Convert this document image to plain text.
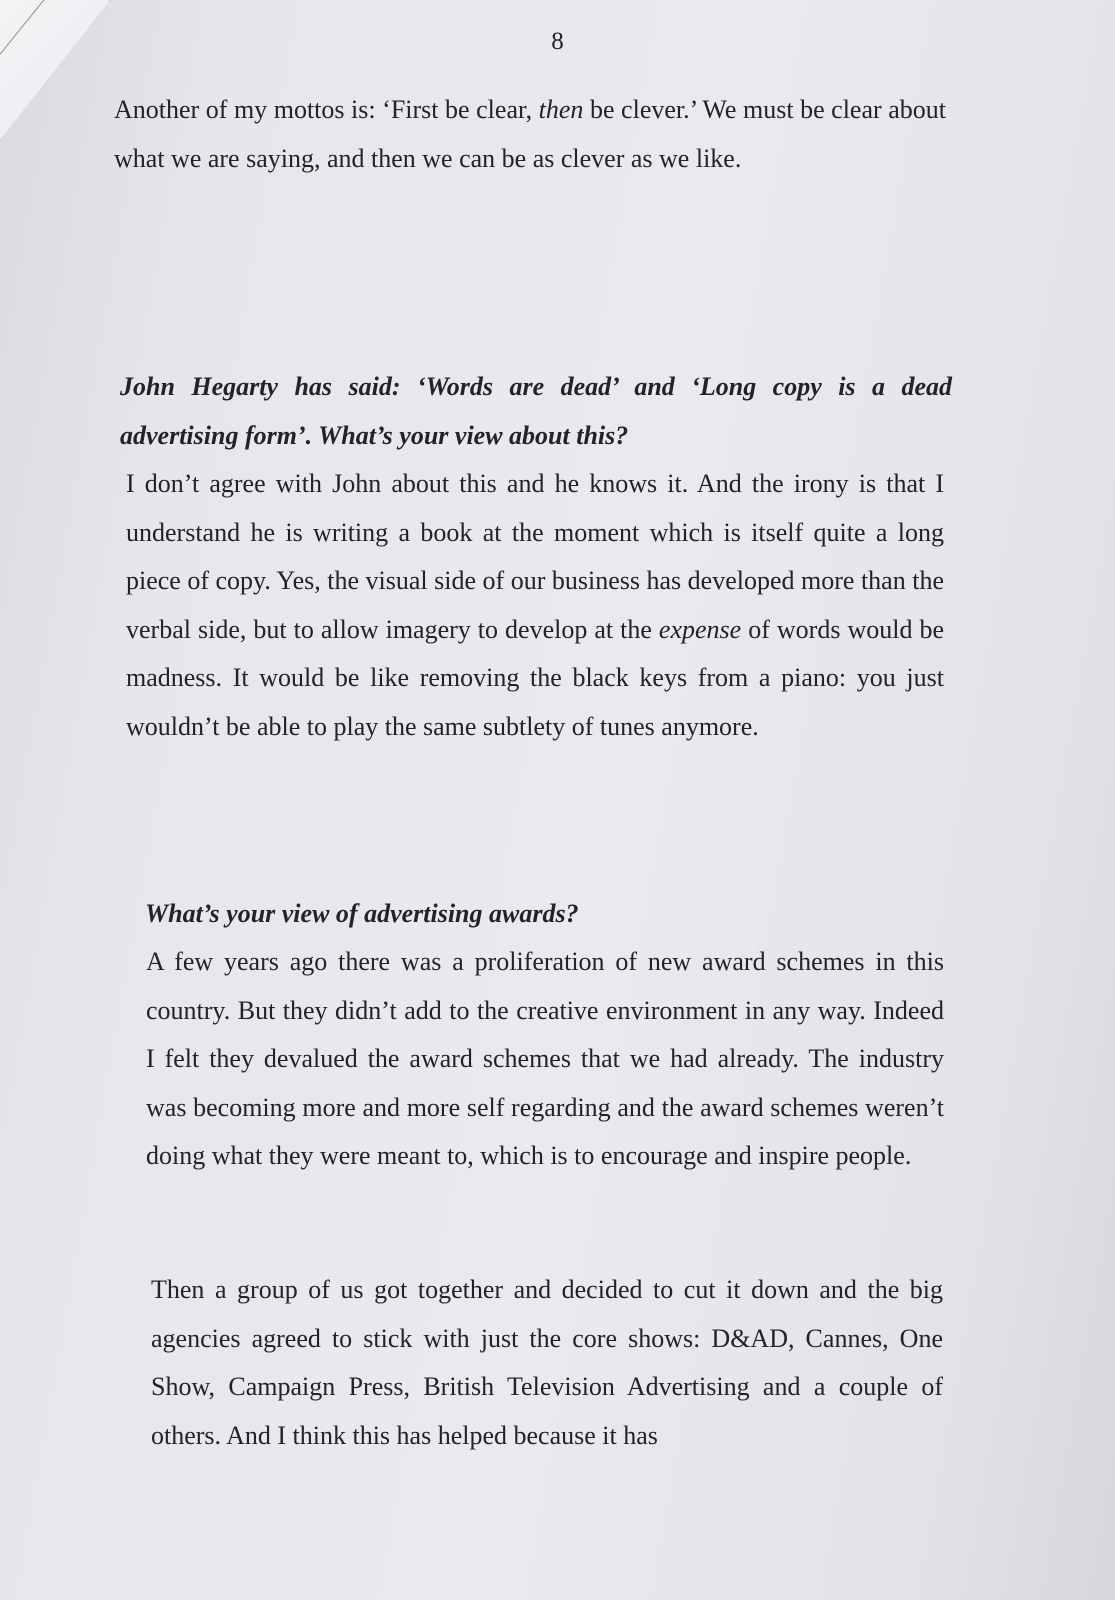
8

Another of my mottos is: ‘First be clear, then be clever.’ We must be clear about what we are saying, and then we can be as clever as we like.

John Hegarty has said: ‘Words are dead’ and ‘Long copy is a dead advertising form’. What’s your view about this?

I don’t agree with John about this and he knows it. And the irony is that I understand he is writing a book at the moment which is itself quite a long piece of copy. Yes, the visual side of our business has developed more than the verbal side, but to allow imagery to develop at the expense of words would be madness. It would be like removing the black keys from a piano: you just wouldn’t be able to play the same subtlety of tunes anymore.

What’s your view of advertising awards?

A few years ago there was a proliferation of new award schemes in this country. But they didn’t add to the creative environment in any way. Indeed I felt they devalued the award schemes that we had already. The industry was becoming more and more self regarding and the award schemes weren’t doing what they were meant to, which is to encourage and inspire people.

Then a group of us got together and decided to cut it down and the big agencies agreed to stick with just the core shows: D&AD, Cannes, One Show, Campaign Press, British Television Advertising and a couple of others. And I think this has helped because it has
